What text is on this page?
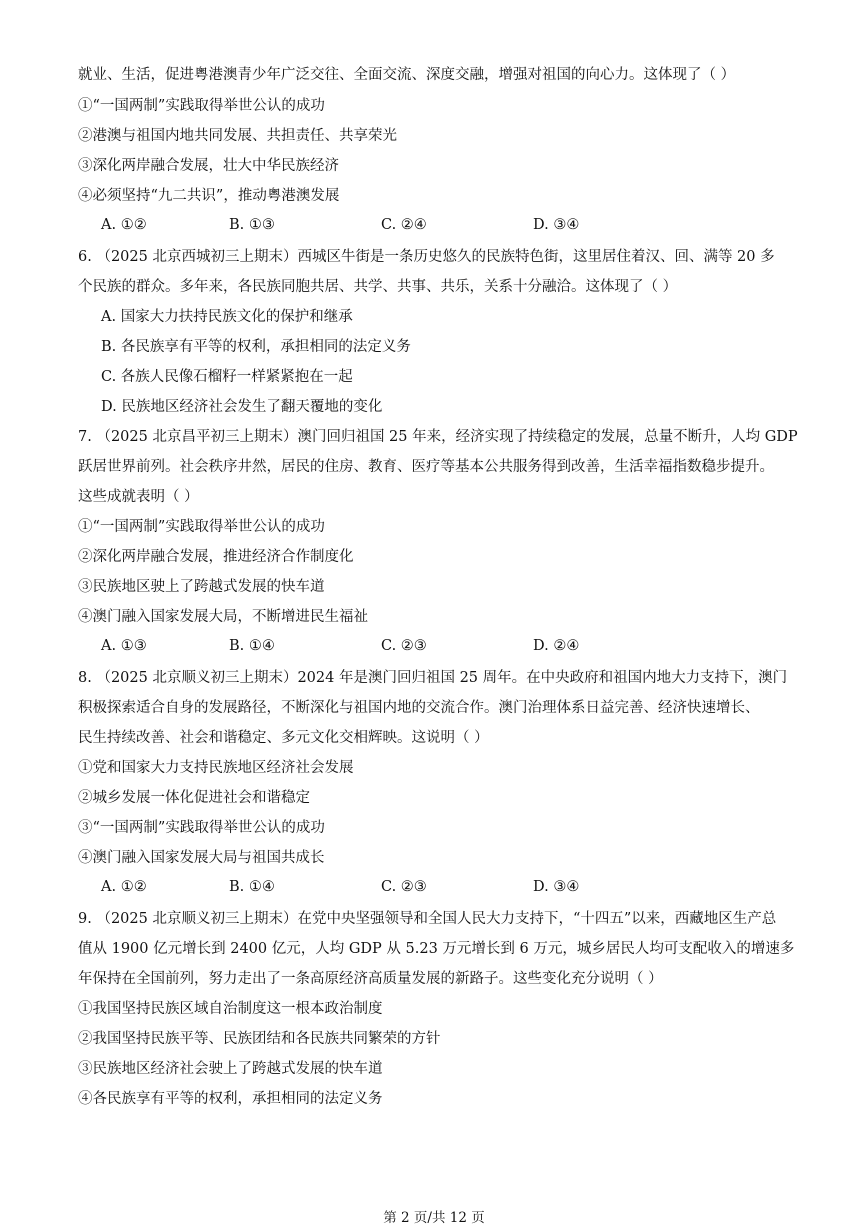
就业、生活，促进粤港澳青少年广泛交往、全面交流、深度交融，增强对祖国的向心力。这体现了（ ）
①“一国两制”实践取得举世公认的成功
②港澳与祖国内地共同发展、共担责任、共享荣光
③深化两岸融合发展，壮大中华民族经济
④必须坚持“九二共识”，推动粤港澳发展
A. ①②	B. ①③	C. ②④	D. ③④
6. （2025 北京西城初三上期末）西城区牛街是一条历史悠久的民族特色街，这里居住着汉、回、满等 20 多
个民族的群众。多年来，各民族同胞共居、共学、共事、共乐，关系十分融洽。这体现了（ ）
A. 国家大力扶持民族文化的保护和继承
B. 各民族享有平等的权利，承担相同的法定义务
C. 各族人民像石榴籽一样紧紧抱在一起
D. 民族地区经济社会发生了翻天覆地的变化
7. （2025 北京昌平初三上期末）澳门回归祖国 25 年来，经济实现了持续稳定的发展，总量不断升，人均 GDP
跃居世界前列。社会秩序井然，居民的住房、教育、医疗等基本公共服务得到改善，生活幸福指数稳步提升。
这些成就表明（ ）
①“一国两制”实践取得举世公认的成功
②深化两岸融合发展，推进经济合作制度化
③民族地区驶上了跨越式发展的快车道
④澳门融入国家发展大局，不断增进民生福祉
A. ①③	B. ①④	C. ②③	D. ②④
8. （2025 北京顺义初三上期末）2024 年是澳门回归祖国 25 周年。在中央政府和祖国内地大力支持下，澳门
积极探索适合自身的发展路径，不断深化与祖国内地的交流合作。澳门治理体系日益完善、经济快速增长、
民生持续改善、社会和谐稳定、多元文化交相辉映。这说明（ ）
①党和国家大力支持民族地区经济社会发展
②城乡发展一体化促进社会和谐稳定
③“一国两制”实践取得举世公认的成功
④澳门融入国家发展大局与祖国共成长
A. ①②	B. ①④	C. ②③	D. ③④
9. （2025 北京顺义初三上期末）在党中央坚强领导和全国人民大力支持下，“十四五”以来，西藏地区生产总
值从 1900 亿元增长到 2400 亿元，人均 GDP 从 5.23 万元增长到 6 万元，城乡居民人均可支配收入的增速多
年保持在全国前列，努力走出了一条高原经济高质量发展的新路子。这些变化充分说明（ ）
①我国坚持民族区域自治制度这一根本政治制度
②我国坚持民族平等、民族团结和各民族共同繁荣的方针
③民族地区经济社会驶上了跨越式发展的快车道
④各民族享有平等的权利，承担相同的法定义务
第 2 页/共 12 页
